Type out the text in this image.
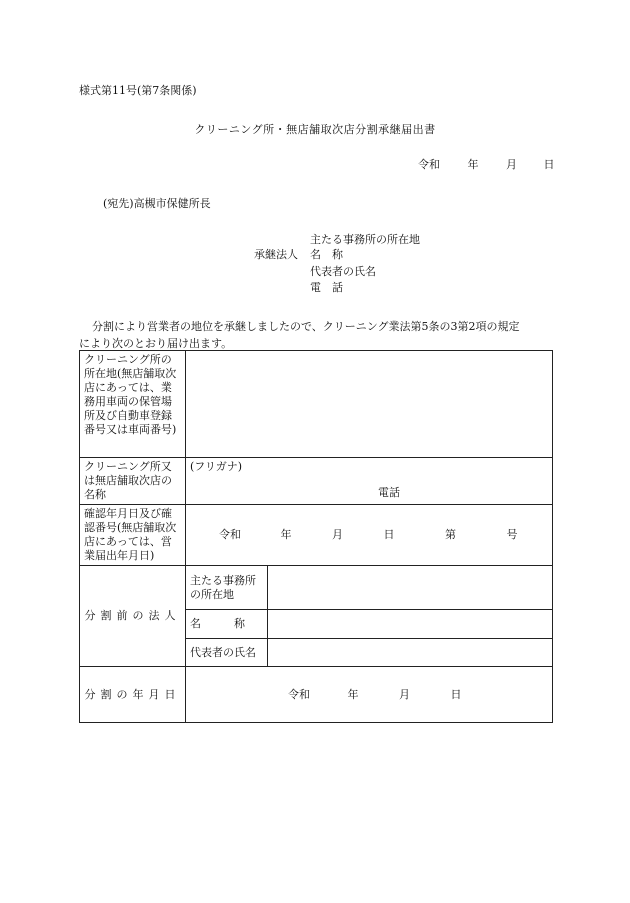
様式第11号(第7条関係)
クリーニング所・無店舗取次店分割承継届出書
令和	年	月 日
(宛先)高槻市保健所長
承継法人
主たる事務所の所在地
名　称
代表者の氏名
電　話
分割により営業者の地位を承継しましたので、クリーニング業法第5条の3第2項の規定
により次のとおり届け出ます。
クリーニング所の所在地(無店舗取次店にあっては、業務用車両の保管場所及び自動車登録番号又は車両番号)		
クリーニング所又は無店舗取次店の名称	(フリガナ)
電話	

確認年月日及び確認番号(無店舗取次店にあっては、営業届出年月日)	令和 年 月 日 第 号	

分割前の法人	主たる事務所の所在地	
	名　　　称	
	代表者の氏名	
分割の年月日	令和 年 月 日	
